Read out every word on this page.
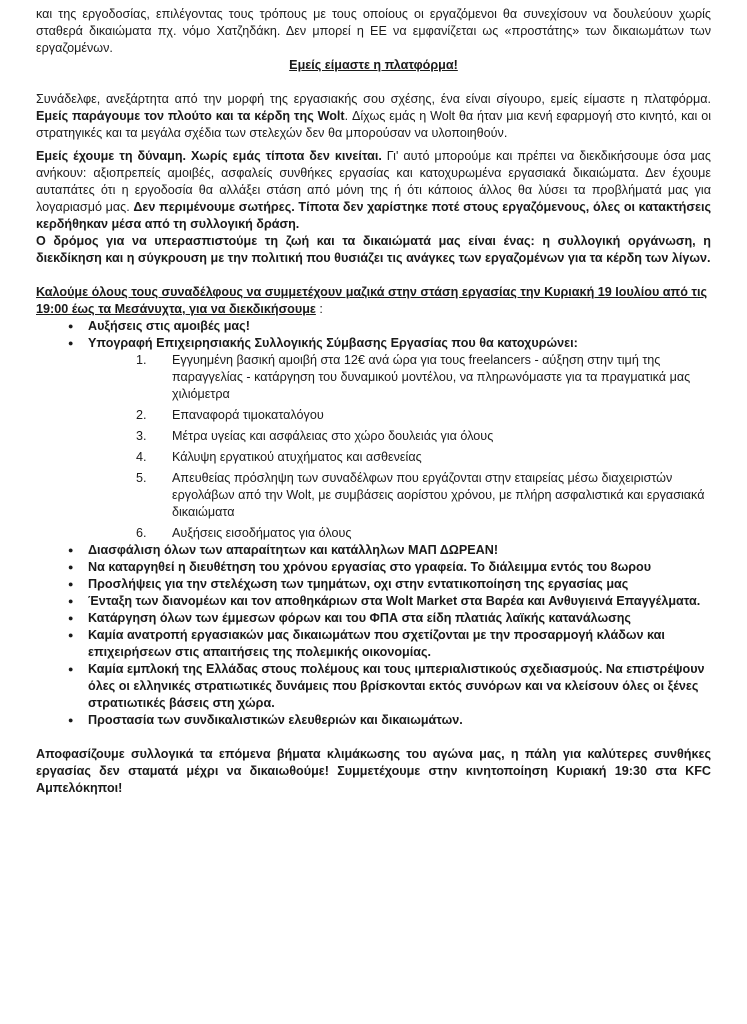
και της εργοδοσίας, επιλέγοντας τους τρόπους με τους οποίους οι εργαζόμενοι θα συνεχίσουν να δουλεύουν χωρίς σταθερά δικαιώματα πχ. νόμο Χατζηδάκη. Δεν μπορεί η ΕΕ να εμφανίζεται ως «προστάτης» των δικαιωμάτων των εργαζομένων.

Εμείς είμαστε η πλατφόρμα!

Συνάδελφε, ανεξάρτητα από την μορφή της εργασιακής σου σχέσης, ένα είναι σίγουρο, εμείς είμαστε η πλατφόρμα. Εμείς παράγουμε τον πλούτο και τα κέρδη της Wolt. Δίχως εμάς η Wolt θα ήταν μια κενή εφαρμογή στο κινητό, και οι στρατηγικές και τα μεγάλα σχέδια των στελεχών δεν θα μπορούσαν να υλοποιηθούν.

Εμείς έχουμε τη δύναμη. Χωρίς εμάς τίποτα δεν κινείται. Γι' αυτό μπορούμε και πρέπει να διεκδικήσουμε όσα μας ανήκουν: αξιοπρεπείς αμοιβές, ασφαλείς συνθήκες εργασίας και κατοχυρωμένα εργασιακά δικαιώματα. Δεν έχουμε αυταπάτες ότι η εργοδοσία θα αλλάξει στάση από μόνη της ή ότι κάποιος άλλος θα λύσει τα προβλήματά μας για λογαριασμό μας. Δεν περιμένουμε σωτήρες. Τίποτα δεν χαρίστηκε ποτέ στους εργαζόμενους, όλες οι κατακτήσεις κερδήθηκαν μέσα από τη συλλογική δράση.

Ο δρόμος για να υπερασπιστούμε τη ζωή και τα δικαιώματά μας είναι ένας: η συλλογική οργάνωση, η διεκδίκηση και η σύγκρουση με την πολιτική που θυσιάζει τις ανάγκες των εργαζομένων για τα κέρδη των λίγων.

Καλούμε όλους τους συναδέλφους να συμμετέχουν μαζικά στην στάση εργασίας την Κυριακή 19 Ιουλίου από τις 19:00 έως τα Μεσάνυχτα, για να διεκδικήσουμε :

● Αυξήσεις στις αμοιβές μας!
● Υπογραφή Επιχειρησιακής Συλλογικής Σύμβασης Εργασίας που θα κατοχυρώνει:
1. Εγγυημένη βασική αμοιβή στα 12€ ανά ώρα για τους freelancers - αύξηση στην τιμή της παραγγελίας - κατάργηση του δυναμικού μοντέλου, να πληρωνόμαστε για τα πραγματικά μας χιλιόμετρα
2. Επαναφορά τιμοκαταλόγου
3. Μέτρα υγείας και ασφάλειας στο χώρο δουλειάς για όλους
4. Κάλυψη εργατικού ατυχήματος και ασθενείας
5. Απευθείας πρόσληψη των συναδέλφων που εργάζονται στην εταιρείας μέσω διαχειριστών εργολάβων από την Wolt, με συμβάσεις αορίστου χρόνου, με πλήρη ασφαλιστικά και εργασιακά δικαιώματα
6. Αυξήσεις εισοδήματος για όλους
● Διασφάλιση όλων των απαραίτητων και κατάλληλων ΜΑΠ ΔΩΡΕΑΝ!
● Να καταργηθεί η διευθέτηση του χρόνου εργασίας στο γραφεία. Το διάλειμμα εντός του 8ωρου
● Προσλήψεις για την στελέχωση των τμημάτων, οχι στην εντατικοποίηση της εργασίας μας
● Ένταξη των διανομέων και τον αποθηκάριων στα Wolt Market στα Βαρέα και Ανθυγιεινά Επαγγέλματα.
● Κατάργηση όλων των έμμεσων φόρων και του ΦΠΑ στα είδη πλατιάς λαϊκής κατανάλωσης
● Καμία ανατροπή εργασιακών μας δικαιωμάτων που σχετίζονται με την προσαρμογή κλάδων και επιχειρήσεων στις απαιτήσεις της πολεμικής οικονομίας.
● Καμία εμπλοκή της Ελλάδας στους πολέμους και τους ιμπεριαλιστικούς σχεδιασμούς. Να επιστρέψουν όλες οι ελληνικές στρατιωτικές δυνάμεις που βρίσκονται εκτός συνόρων και να κλείσουν όλες οι ξένες στρατιωτικές βάσεις στη χώρα.
● Προστασία των συνδικαλιστικών ελευθεριών και δικαιωμάτων.

Αποφασίζουμε συλλογικά τα επόμενα βήματα κλιμάκωσης του αγώνα μας, η πάλη για καλύτερες συνθήκες εργασίας δεν σταματά μέχρι να δικαιωθούμε! Συμμετέχουμε στην κινητοποίηση Κυριακή 19:30 στα KFC Αμπελόκηποι!
